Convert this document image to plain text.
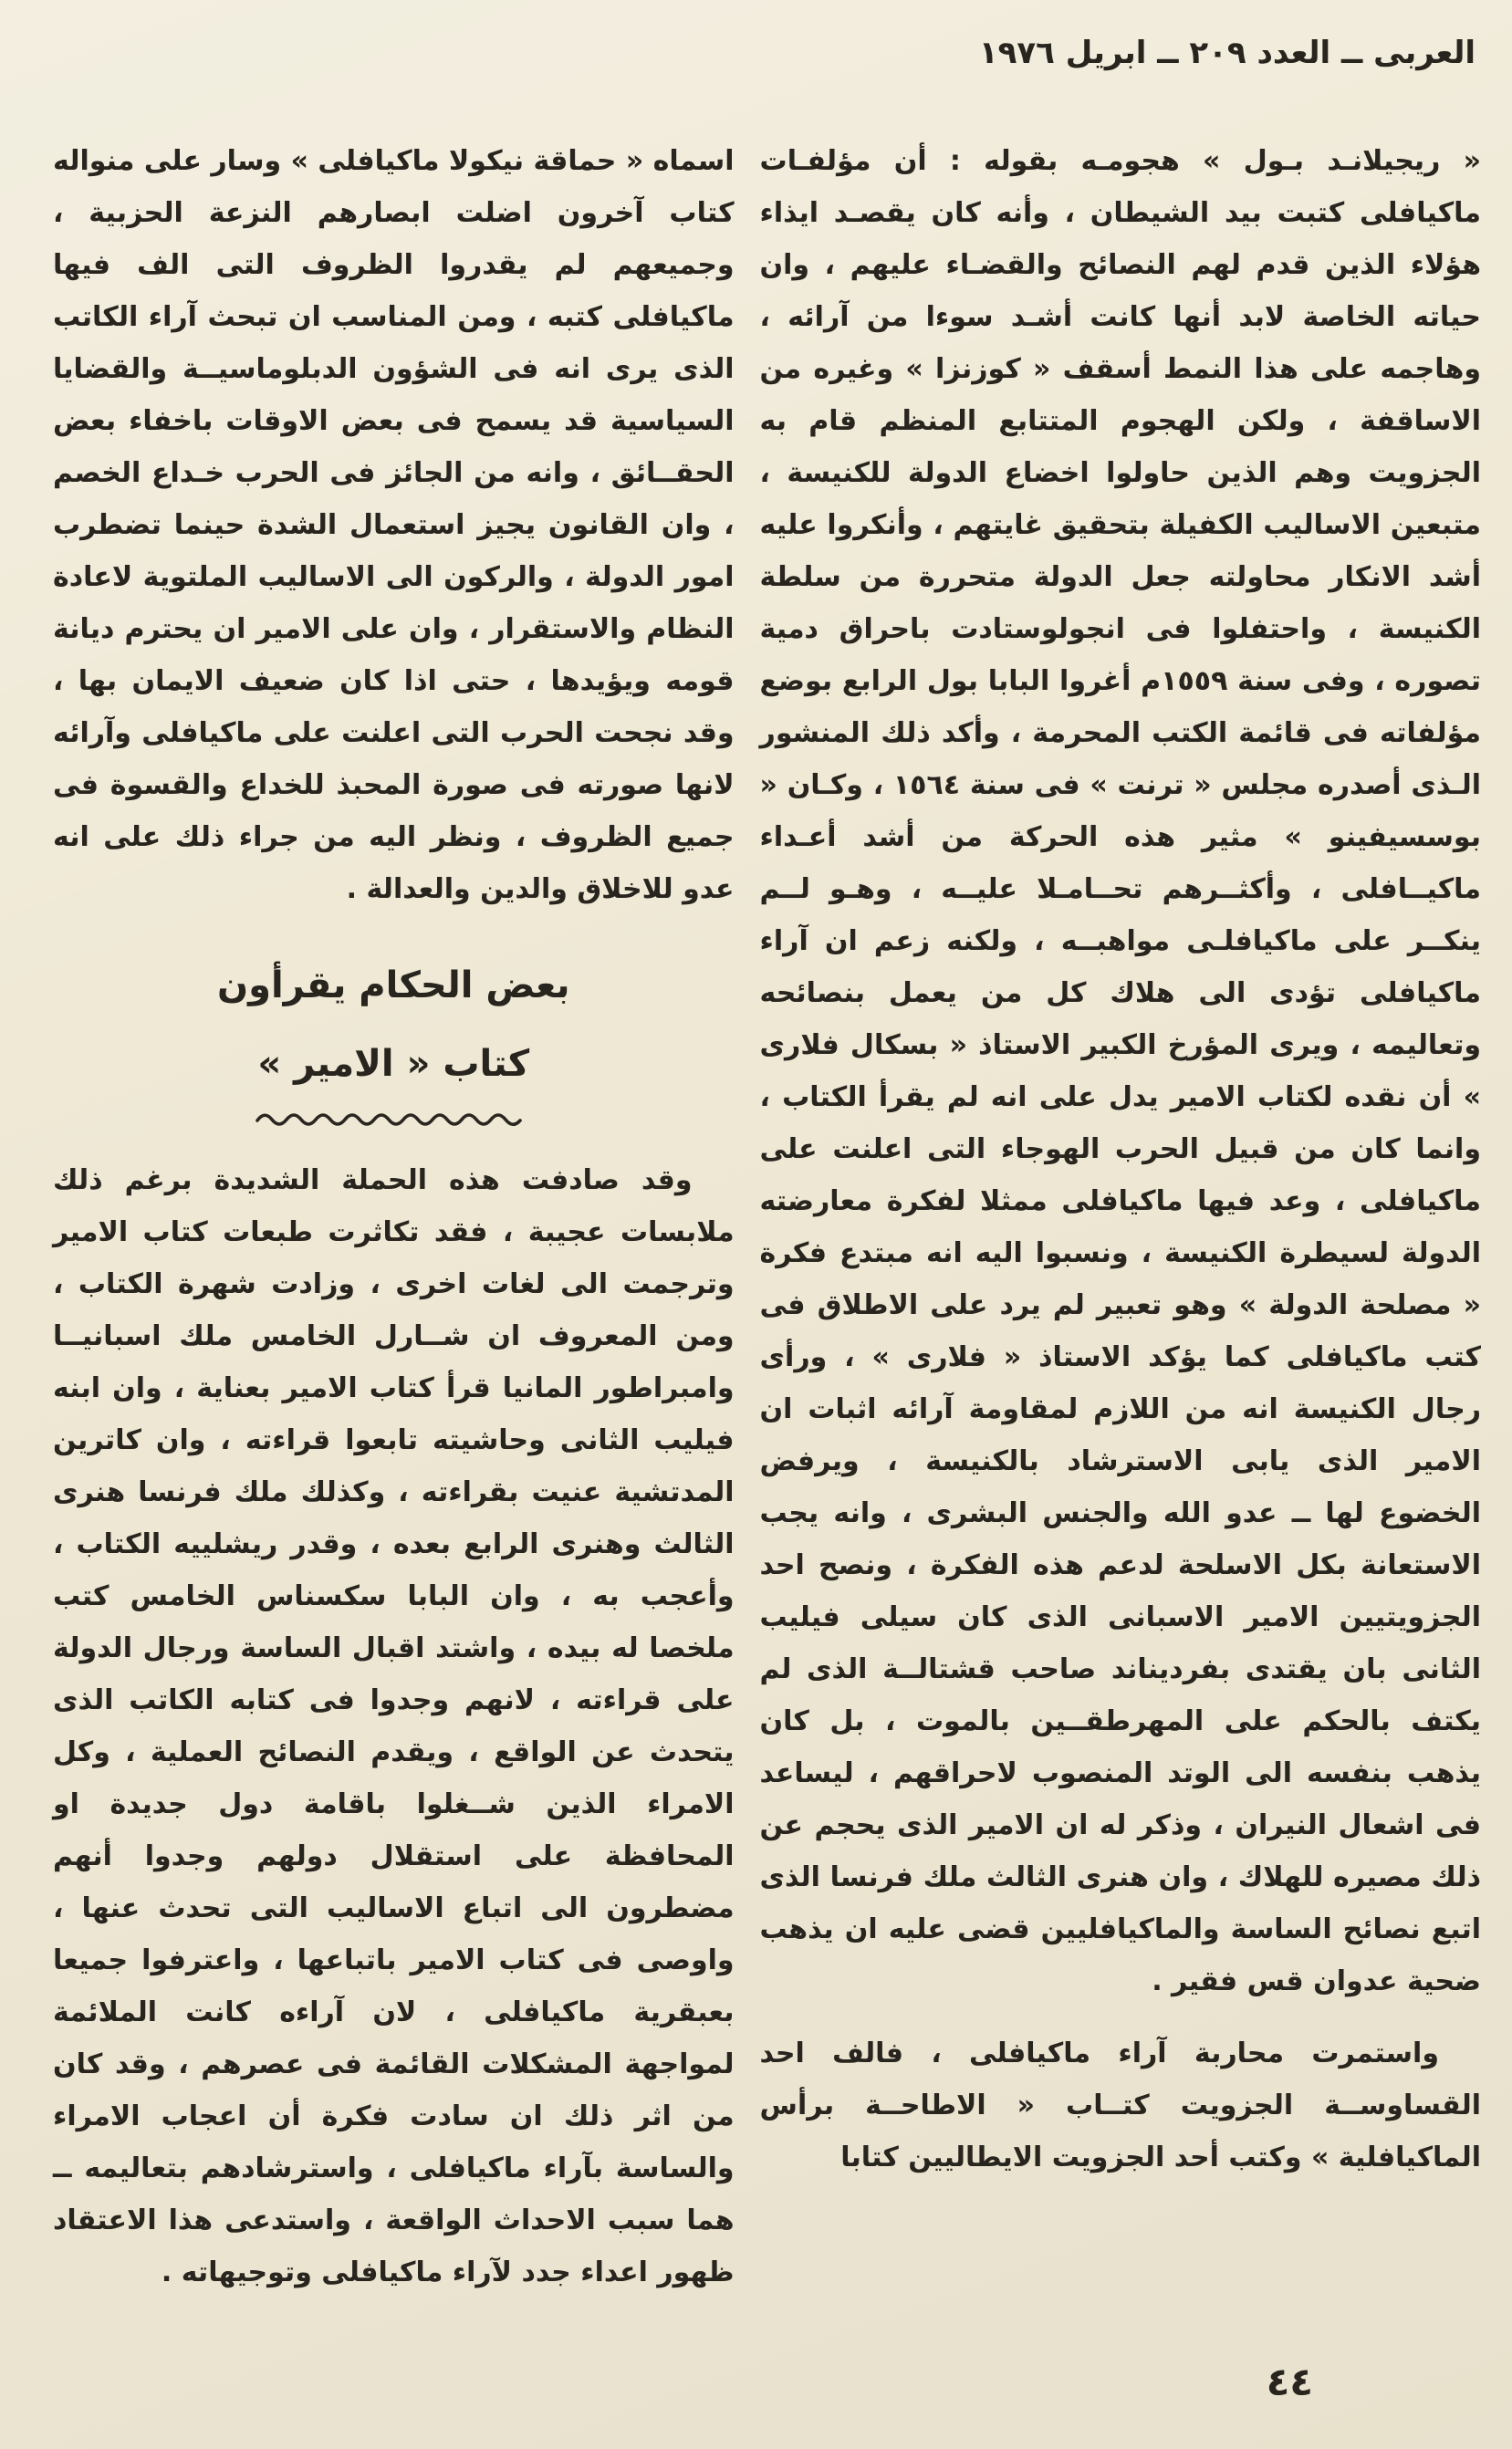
العربى ــ العدد ٢٠٩ ــ ابريل ١٩٧٦

« ريجيلانـد بـول » هجومـه بقوله : أن مؤلفـات ماكيافلى كتبت بيد الشيطان ، وأنه كان يقصـد ايذاء هؤلاء الذين قدم لهم النصائح والقضـاء عليهم ، وان حياته الخاصة لابد أنها كانت أشـد سوءا من آرائه ، وهاجمه على هذا النمط أسقف « كوزنزا » وغيره من الاساقفة ، ولكن الهجوم المتتابع المنظم قام به الجزويت وهم الذين حاولوا اخضاع الدولة للكنيسة ، متبعين الاساليب الكفيلة بتحقيق غايتهم ، وأنكروا عليه أشد الانكار محاولته جعل الدولة متحررة من سلطة الكنيسة ، واحتفلوا فى انجولوستادت باحراق دمية تصوره ، وفى سنة ١٥٥٩م أغروا البابا بول الرابع بوضع مؤلفاته فى قائمة الكتب المحرمة ، وأكد ذلك المنشور الـذى أصدره مجلس « ترنت » فى سنة ١٥٦٤ ، وكـان « بوسسيفينو » مثير هذه الحركة من أشد أعـداء ماكيــافلى ، وأكثــرهم تحــامـلا عليــه ، وهـو لــم ينكــر على ماكيافلـى مواهبــه ، ولكنه زعم ان آراء ماكيافلى تؤدى الى هلاك كل من يعمل بنصائحه وتعاليمه ، ويرى المؤرخ الكبير الاستاذ « بسكال فلارى » أن نقده لكتاب الامير يدل على انه لم يقرأ الكتاب ، وانما كان من قبيل الحرب الهوجاء التى اعلنت على ماكيافلى ، وعد فيها ماكيافلى ممثلا لفكرة معارضته الدولة لسيطرة الكنيسة ، ونسبوا اليه انه مبتدع فكرة « مصلحة الدولة » وهو تعبير لم يرد على الاطلاق فى كتب ماكيافلى كما يؤكد الاستاذ « فلارى » ، ورأى رجال الكنيسة انه من اللازم لمقاومة آرائه اثبات ان الامير الذى يابى الاسترشاد بالكنيسة ، ويرفض الخضوع لها ــ عدو الله والجنس البشرى ، وانه يجب الاستعانة بكل الاسلحة لدعم هذه الفكرة ، ونصح احد الجزويتيين الامير الاسبانى الذى كان سيلى فيليب الثانى بان يقتدى بفرديناند صاحب قشتالــة الذى لم يكتف بالحكم على المهرطقــين بالموت ، بل كان يذهب بنفسه الى الوتد المنصوب لاحراقهم ، ليساعد فى اشعال النيران ، وذكر له ان الامير الذى يحجم عن ذلك مصيره للهلاك ، وان هنرى الثالث ملك فرنسا الذى اتبع نصائح الساسة والماكيافليين قضى عليه ان يذهب ضحية عدوان قس فقير .

واستمرت محاربة آراء ماكيافلى ، فالف احد القساوســة الجزويت كتــاب « الاطاحــة برأس الماكيافلية » وكتب أحد الجزويت الايطاليين كتابا

اسماه « حماقة نيكولا ماكيافلى » وسار على منواله كتاب آخرون اضلت ابصارهم النزعة الحزبية ، وجميعهم لم يقدروا الظروف التى الف فيها ماكيافلى كتبه ، ومن المناسب ان تبحث آراء الكاتب الذى يرى انه فى الشؤون الدبلوماسيــة والقضايا السياسية قد يسمح فى بعض الاوقات باخفاء بعض الحقــائق ، وانه من الجائز فى الحرب خـداع الخصم ، وان القانون يجيز استعمال الشدة حينما تضطرب امور الدولة ، والركون الى الاساليب الملتوية لاعادة النظام والاستقرار ، وان على الامير ان يحترم ديانة قومه ويؤيدها ، حتى اذا كان ضعيف الايمان بها ، وقد نجحت الحرب التى اعلنت على ماكيافلى وآرائه لانها صورته فى صورة المحبذ للخداع والقسوة فى جميع الظروف ، ونظر اليه من جراء ذلك على انه عدو للاخلاق والدين والعدالة .

بعض الحكام يقرأون
كتاب « الامير »

وقد صادفت هذه الحملة الشديدة برغم ذلك ملابسات عجيبة ، فقد تكاثرت طبعات كتاب الامير وترجمت الى لغات اخرى ، وزادت شهرة الكتاب ، ومن المعروف ان شــارل الخامس ملك اسبانيــا وامبراطور المانيا قرأ كتاب الامير بعناية ، وان ابنه فيليب الثانى وحاشيته تابعوا قراءته ، وان كاترين المدتشية عنيت بقراءته ، وكذلك ملك فرنسا هنرى الثالث وهنرى الرابع بعده ، وقدر ريشلييه الكتاب ، وأعجب به ، وان البابا سكسناس الخامس كتب ملخصا له بيده ، واشتد اقبال الساسة ورجال الدولة على قراءته ، لانهم وجدوا فى كتابه الكاتب الذى يتحدث عن الواقع ، ويقدم النصائح العملية ، وكل الامراء الذين شــغلوا باقامة دول جديدة او المحافظة على استقلال دولهم وجدوا أنهم مضطرون الى اتباع الاساليب التى تحدث عنها ، واوصى فى كتاب الامير باتباعها ، واعترفوا جميعا بعبقرية ماكيافلى ، لان آراءه كانت الملائمة لمواجهة المشكلات القائمة فى عصرهم ، وقد كان من اثر ذلك ان سادت فكرة أن اعجاب الامراء والساسة بآراء ماكيافلى ، واسترشادهم بتعاليمه ــ هما سبب الاحداث الواقعة ، واستدعى هذا الاعتقاد ظهور اعداء جدد لآراء ماكيافلى وتوجيهاته .

٤٤
